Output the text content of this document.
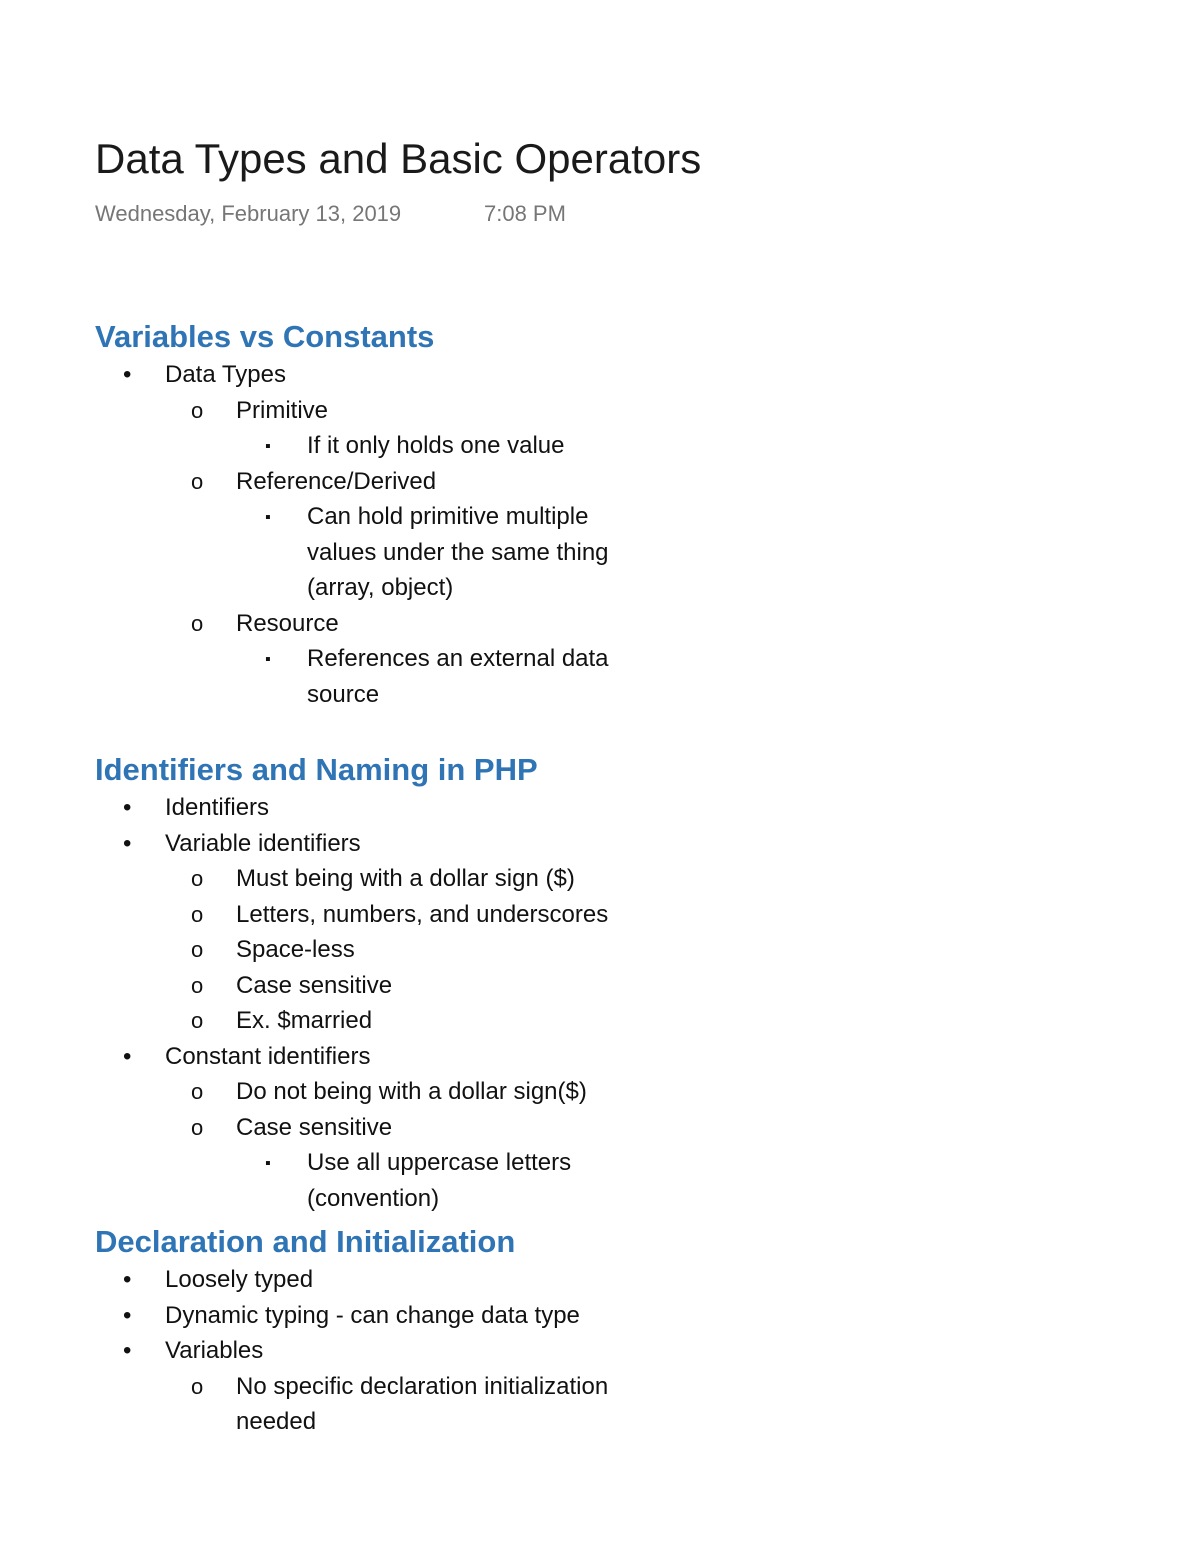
Data Types and Basic Operators
Wednesday, February 13, 2019	7:08 PM
Variables vs Constants
• Data Types
o Primitive
▪ If it only holds one value
o Reference/Derived
▪ Can hold primitive multiple values under the same thing (array, object)
o Resource
▪ References an external data source
Identifiers and Naming in PHP
• Identifiers
• Variable identifiers
o Must being with a dollar sign ($)
o Letters, numbers, and underscores
o Space-less
o Case sensitive
o Ex. $married
• Constant identifiers
o Do not being with a dollar sign($)
o Case sensitive
▪ Use all uppercase letters (convention)
Declaration and Initialization
• Loosely typed
• Dynamic typing - can change data type
• Variables
o No specific declaration initialization needed
